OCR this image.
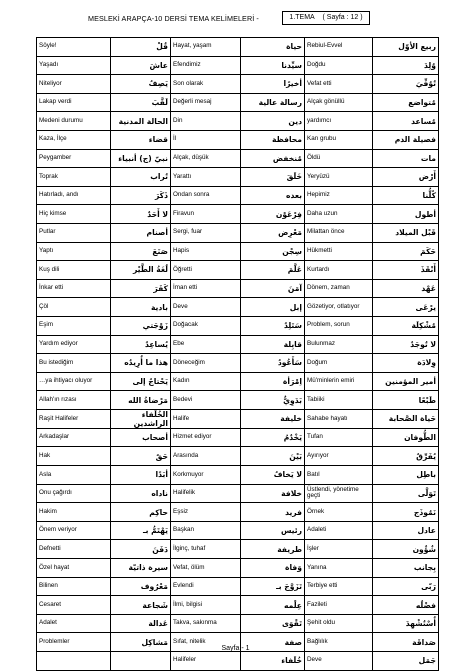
MESLEKİ ARAPÇA-10 DERSİ TEMA KELİMELERİ -	1.TEMA ( Sayfa : 12 )
Söyle!	قُلْ	Hayat, yaşam	حياة	Rebiul-Evvel	ربيع الأوّل
Yaşadı	عاشَ	Efendimiz	سيِّدنا	Doğdu	وُلِدَ
Niteliyor	يَصِفُ	Son olarak	أخيرًا	Vefat etti	تُوُفِّيَ
Lakap verdi	لَقَّبَ	Değerli mesaj	رسالة عالية	Alçak gönüllü	مُتواضع
Medeni durumu	الحالة المدنية	Din	دين	yardımcı	مُساعد
Kaza, İlçe	قضاء	İl	محافظة	Kan grubu	فصيلة الدم
Peygamber	نبيّ (ج) أنبياء	Alçak, düşük	مُنخفض	Öldü	مات
Toprak	تُراب	Yarattı	خَلَقَ	Yeryüzü	أَرْض
Hatırladı, andı	ذَكَرَ	Ondan sonra	بعده	Hepimiz	كُلُّنا
Hiç kimse	لا أَحَدٌ	Firavun	فِرْعَوْن	Daha uzun	أطول
Putlar	أصنام	Sergi, fuar	مَعْرِض	Milattan önce	قَبْل الميلاد
Yaptı	صَنَعَ	Hapis	سِجْن	Hükmetti	حَكَمَ
Kuş dili	لُغَةُ الطَّيْر	Öğretti	عَلَّمَ	Kurtardı	أَنْقَذَ
İnkar etti	كَفَرَ	İman etti	آمَنَ	Dönem, zaman	عَهْد
Çöl	بادية	Deve	إبل	Gözetiyor, otlatıyor	يرْعَى
Eşim	زَوْجَتي	Doğacak	سَتَلِدُ	Problem, sorun	مُشْكِلَة
Yardım ediyor	يُساعِدُ	Ebe	قابِلة	Bulunmaz	لا تُوجَدُ
Bu istediğim	هذا ما أُرِيدُه	Döneceğim	سَأَعُودُ	Doğum	وِلادَة
…ya ihtiyacı oluyor	يَحْتاجُ إلى	Kadın	اِمْرَأة	Mü'minlerin emiri	أمير المؤمنين
Allah'ın rızası	مَرْضاةُ الله	Bedevi	بَدَوِيٌّ	Tabiiki	طَبْعًا
Raşit Halifeler	الخُلَفاء الراشدين	Halife	خليفة	Sahabe hayatı	حَياة الصَّحابة
Arkadaşlar	أصحاب	Hizmet ediyor	يَخْدُمُ	Tufan	الطُّوفان
Hak	حَقٌ	Arasında	بَيْنَ	Ayırıyor	يُفَرِّقُ
Asla	أبَدًا	Korkmuyor	لا يَخافُ	Batıl	باطِل
Onu çağırdı	ناداه	Halifelik	خلافة	Üstlendi, yönetime geçti	تَوَلَّى
Hakim	حاكِم	Eşsiz	فريد	Örnek	نَمُوذَج
Önem veriyor	يَهْتَمُّ بـ	Başkan	رئيس	Adaleti	عادل
Defnetti	دَفَنَ	İlginç, tuhaf	طريفة	İşler	شُؤُون
Özel hayat	سيرة ذاتيّة	Vefat, ölüm	وَفاة	Yanına	بِجانب
Bilinen	مَعْرُوف	Evlendi	تَزَوَّجَ بـ	Terbiye etti	رَبّى
Cesaret	شَجاعة	İlmi, bilgisi	عِلْمه	Fazileti	فضْلُه
Adalet	عَدالة	Takva, sakınma	تَقْوَى	Şehit oldu	أُسْتُشْهِدَ
Problemler	مَشاكِل	Sıfat, nitelik	صفة	Bağlılık	صَداقَة
		Halifeler	خُلَفاء	Deve	جَمَل
Sayfa - 1
